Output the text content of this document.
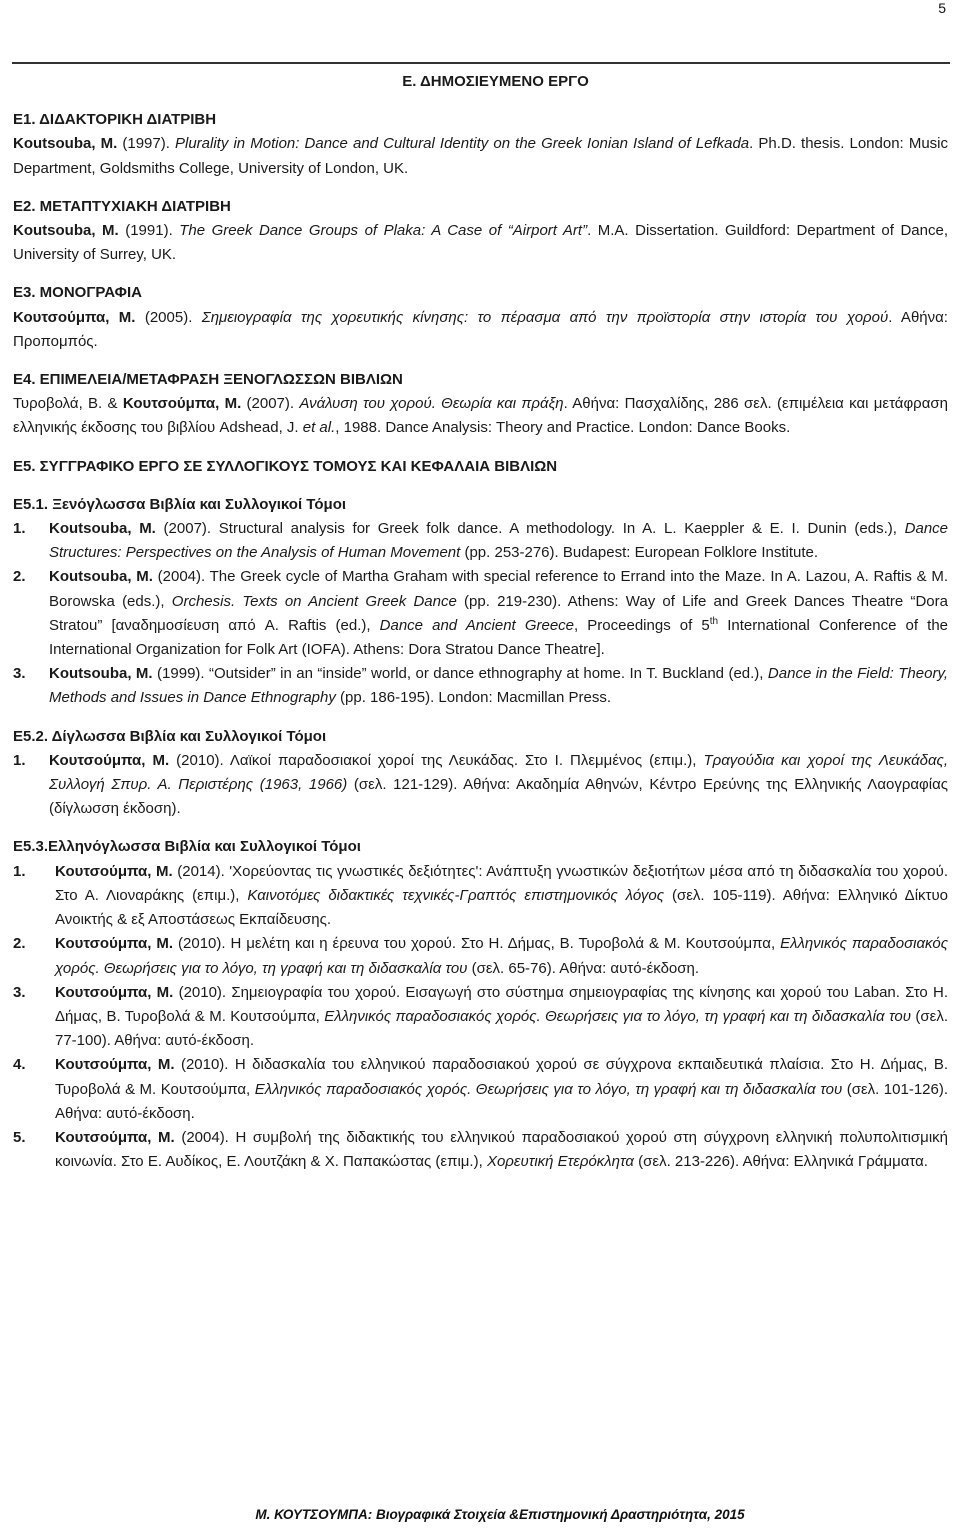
5
Ε. ΔΗΜΟΣΙΕΥΜΕΝΟ ΕΡΓΟ
Ε1. ΔΙΔΑΚΤΟΡΙΚΗ ΔΙΑΤΡΙΒΗ
Koutsouba, M. (1997). Plurality in Motion: Dance and Cultural Identity on the Greek Ionian Island of Lefkada. Ph.D. thesis. London: Music Department, Goldsmiths College, University of London, UK.
Ε2. ΜΕΤΑΠΤΥΧΙΑΚΗ ΔΙΑΤΡΙΒΗ
Koutsouba, M. (1991). The Greek Dance Groups of Plaka: A Case of “Airport Art”. M.A. Dissertation. Guildford: Department of Dance, University of Surrey, UK.
Ε3. ΜΟΝΟΓΡΑΦΙΑ
Κουτσούμπα, Μ. (2005). Σημειογραφία της χορευτικής κίνησης: το πέρασμα από την προϊστορία στην ιστορία του χορού. Αθήνα: Προπομπός.
Ε4. ΕΠΙΜΕΛΕΙΑ/ΜΕΤΑΦΡΑΣΗ ΞΕΝΟΓΛΩΣΣΩΝ ΒΙΒΛΙΩΝ
Τυροβολά, Β. & Κουτσούμπα, Μ. (2007). Ανάλυση του χορού. Θεωρία και πράξη. Αθήνα: Πασχαλίδης, 286 σελ. (επιμέλεια και μετάφραση ελληνικής έκδοσης του βιβλίου Adshead, J. et al., 1988. Dance Analysis: Theory and Practice. London: Dance Books.
Ε5. ΣΥΓΓΡΑΦΙΚΟ ΕΡΓΟ ΣΕ ΣΥΛΛΟΓΙΚΟΥΣ ΤΟΜΟΥΣ ΚΑΙ ΚΕΦΑΛΑΙΑ ΒΙΒΛΙΩΝ
Ε5.1. Ξενόγλωσσα Βιβλία και Συλλογικοί Τόμοι
1.	Koutsouba, M. (2007). Structural analysis for Greek folk dance. A methodology. In A. L. Kaeppler & E. I. Dunin (eds.), Dance Structures: Perspectives on the Analysis of Human Movement (pp. 253-276). Budapest: European Folklore Institute.
2.	Koutsouba, M. (2004). The Greek cycle of Martha Graham with special reference to Errand into the Maze. In A. Lazou, A. Raftis & M. Borowska (eds.), Orchesis. Texts on Ancient Greek Dance (pp. 219-230). Athens: Way of Life and Greek Dances Theatre “Dora Stratou” [αναδημοσίευση από A. Raftis (ed.), Dance and Ancient Greece, Proceedings of 5th International Conference of the International Organization for Folk Art (IOFA). Athens: Dora Stratou Dance Theatre].
3.	Koutsouba, M. (1999). “Outsider” in an “inside” world, or dance ethnography at home. In T. Buckland (ed.), Dance in the Field: Theory, Methods and Issues in Dance Ethnography (pp. 186-195). London: Macmillan Press.
Ε5.2. Δίγλωσσα Βιβλία και Συλλογικοί Τόμοι
1.	Κουτσούμπα, Μ. (2010). Λαϊκοί παραδοσιακοί χοροί της Λευκάδας. Στο Ι. Πλεμμένος (επιμ.), Τραγούδια και χοροί της Λευκάδας, Συλλογή Σπυρ. Α. Περιστέρης (1963, 1966) (σελ. 121-129). Αθήνα: Ακαδημία Αθηνών, Κέντρο Ερεύνης της Ελληνικής Λαογραφίας (δίγλωσση έκδοση).
Ε5.3.Ελληνόγλωσσα Βιβλία και Συλλογικοί Τόμοι
1.	Κουτσούμπα, Μ. (2014). 'Χορεύοντας τις γνωστικές δεξιότητες': Ανάπτυξη γνωστικών δεξιοτήτων μέσα από τη διδασκαλία του χορού. Στο Α. Λιοναράκης (επιμ.), Καινοτόμες διδακτικές τεχνικές-Γραπτός επιστημονικός λόγος (σελ. 105-119). Αθήνα: Ελληνικό Δίκτυο Ανοικτής & εξ Αποστάσεως Εκπαίδευσης.
2.	Κουτσούμπα, Μ. (2010). Η μελέτη και η έρευνα του χορού. Στο Η. Δήμας, Β. Τυροβολά & Μ. Κουτσούμπα, Ελληνικός παραδοσιακός χορός. Θεωρήσεις για το λόγο, τη γραφή και τη διδασκαλία του (σελ. 65-76). Αθήνα: αυτό-έκδοση.
3.	Κουτσούμπα, Μ. (2010). Σημειογραφία του χορού. Εισαγωγή στο σύστημα σημειογραφίας της κίνησης και χορού του Laban. Στο Η. Δήμας, Β. Τυροβολά & Μ. Κουτσούμπα, Ελληνικός παραδοσιακός χορός. Θεωρήσεις για το λόγο, τη γραφή και τη διδασκαλία του (σελ. 77-100). Αθήνα: αυτό-έκδοση.
4.	Κουτσούμπα, Μ. (2010). Η διδασκαλία του ελληνικού παραδοσιακού χορού σε σύγχρονα εκπαιδευτικά πλαίσια. Στο Η. Δήμας, Β. Τυροβολά & Μ. Κουτσούμπα, Ελληνικός παραδοσιακός χορός. Θεωρήσεις για το λόγο, τη γραφή και τη διδασκαλία του (σελ. 101-126). Αθήνα: αυτό-έκδοση.
5.	Κουτσούμπα, Μ. (2004). Η συμβολή της διδακτικής του ελληνικού παραδοσιακού χορού στη σύγχρονη ελληνική πολυπολιτισμική κοινωνία. Στο Ε. Αυδίκος, Ε. Λουτζάκη & Χ. Παπακώστας (επιμ.), Χορευτική Ετερόκλητα (σελ. 213-226). Αθήνα: Ελληνικά Γράμματα.
Μ. ΚΟΥΤΣΟΥΜΠΑ: Βιογραφικά Στοιχεία &Επιστημονική Δραστηριότητα, 2015
